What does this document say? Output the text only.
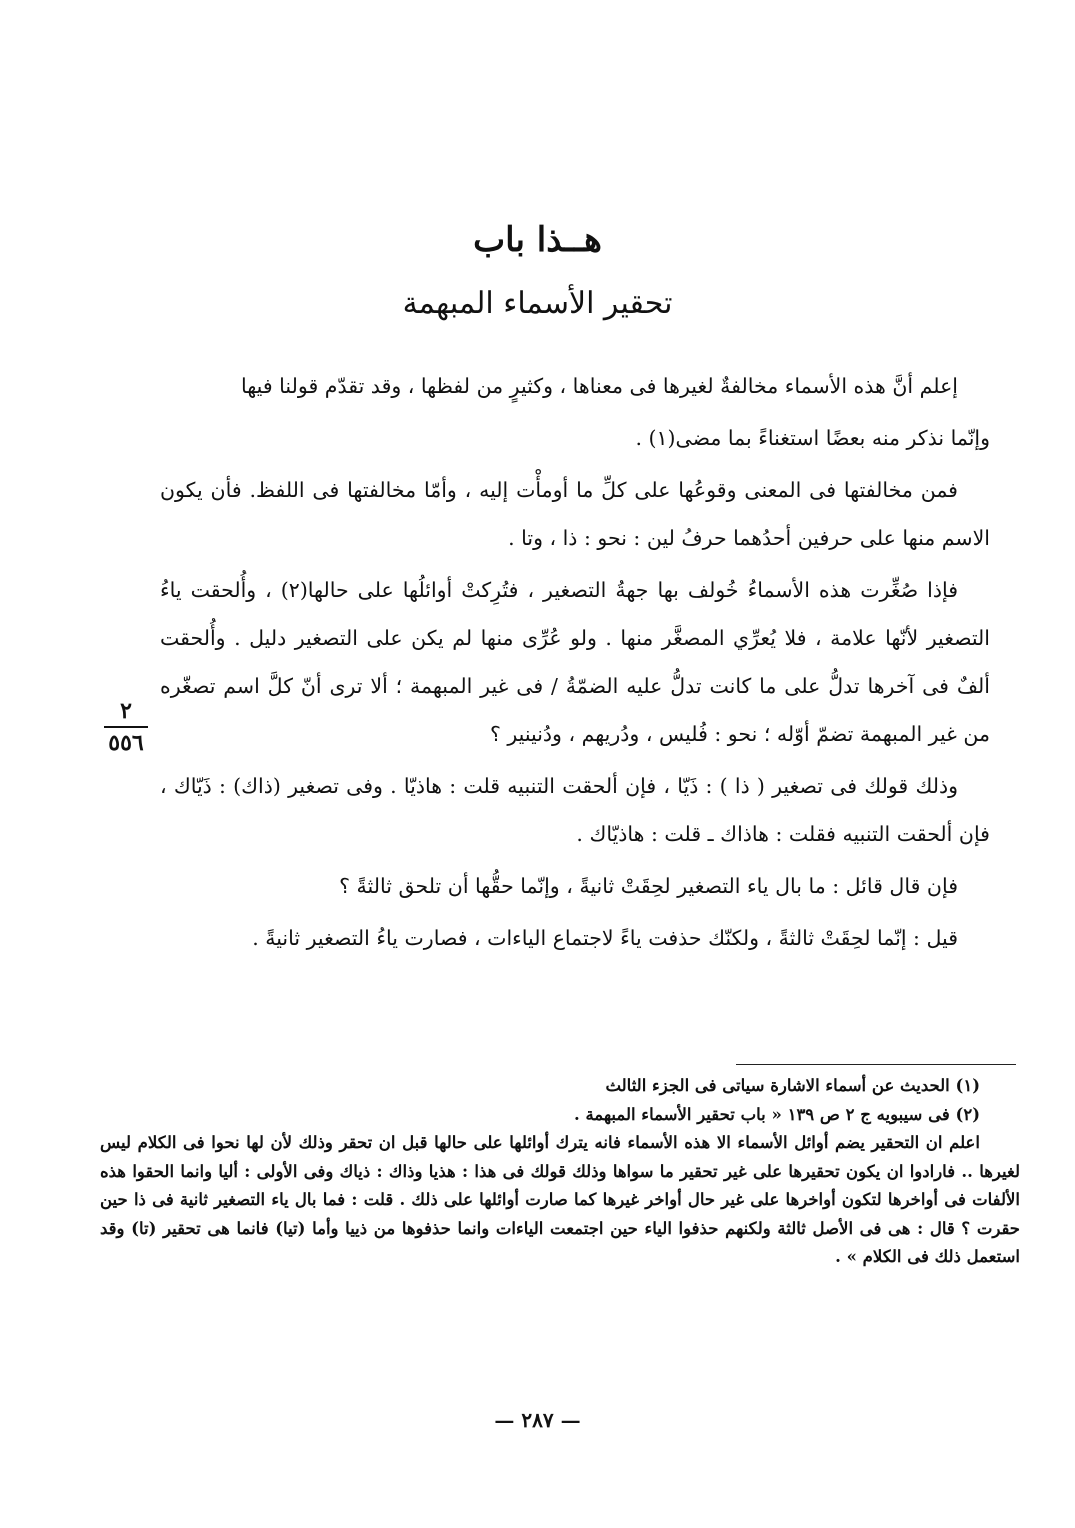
هــذا باب
تحقير الأسماء المبهمة

إعلم أنَّ هذه الأسماء مخالفةٌ لغيرها فى معناها ، وكثيرٍ من لفظها ، وقد تقدّم قولنا فيها

وإنّما نذكر منه بعضًا استغناءً بما مضى(١) .

فمن مخالفتها فى المعنى وقوعُها على كلِّ ما أومأْت إليه ، وأمّا مخالفتها فى اللفظ. فأن يكون الاسم منها على حرفين أحدُهما حرفُ لين : نحو : ذا ، وتا .

فإذا صُغِّرت هذه الأسماءُ خُولف بها جهةُ التصغير ، فتُرِكتْ أوائلُها على حالها(٢) ، وأُلحقت ياءُ التصغير لأنّها علامة ، فلا يُعرِّي المصغَّر منها . ولو عُرِّى منها لم يكن على التصغير دليل . وأُلحقت ألفٌ فى آخرها تدلُّ على ما كانت تدلُّ عليه الضمّةُ / فى غير المبهمة ؛ ألا ترى أنّ كلَّ اسم تصغّره من غير المبهمة تضمّ أوّله ؛ نحو : فُليس ، ودُريهم ، ودُنينير ؟

وذلك قولك فى تصغير ( ذا ) : ذَيّا ، فإن ألحقت التنبيه قلت : هاذيّا . وفى تصغير (ذاك) : ذَيّاك ، فإن ألحقت التنبيه فقلت : هاذاك ـ قلت : هاذيّاك .

فإن قال قائل : ما بال ياء التصغير لحِقَتْ ثانيةً ، وإنّما حقُّها أن تلحق ثالثةً ؟

قيل : إنّما لحِقَتْ ثالثةً ، ولكنّك حذفت ياءً لاجتماع الياءات ، فصارت ياءُ التصغير ثانيةً .

٢
٥٥٦

(١) الحديث عن أسماء الاشارة سياتى فى الجزء الثالث

(٢) فى سيبويه ج ٢ ص ١٣٩ « باب تحقير الأسماء المبهمة .

اعلم ان التحقير يضم أوائل الأسماء الا هذه الأسماء فانه يترك أوائلها على حالها قبل ان تحقر وذلك لأن لها نحوا فى الكلام ليس لغيرها .. فارادوا ان يكون تحقيرها على غير تحقير ما سواها وذلك قولك فى هذا : هذيا وذاك : ذياك وفى الأولى : أليا وانما الحقوا هذه الألفات فى أواخرها لتكون أواخرها على غير حال أواخر غيرها كما صارت أوائلها على ذلك . قلت : فما بال ياء التصغير ثانية فى ذا حين حقرت ؟ قال : هى فى الأصل ثالثة ولكنهم حذفوا الياء حين اجتمعت الياءات وانما حذفوها من ذييا وأما (تيا) فانما هى تحقير (تا) وقد استعمل ذلك فى الكلام » .

— ٢٨٧ —
